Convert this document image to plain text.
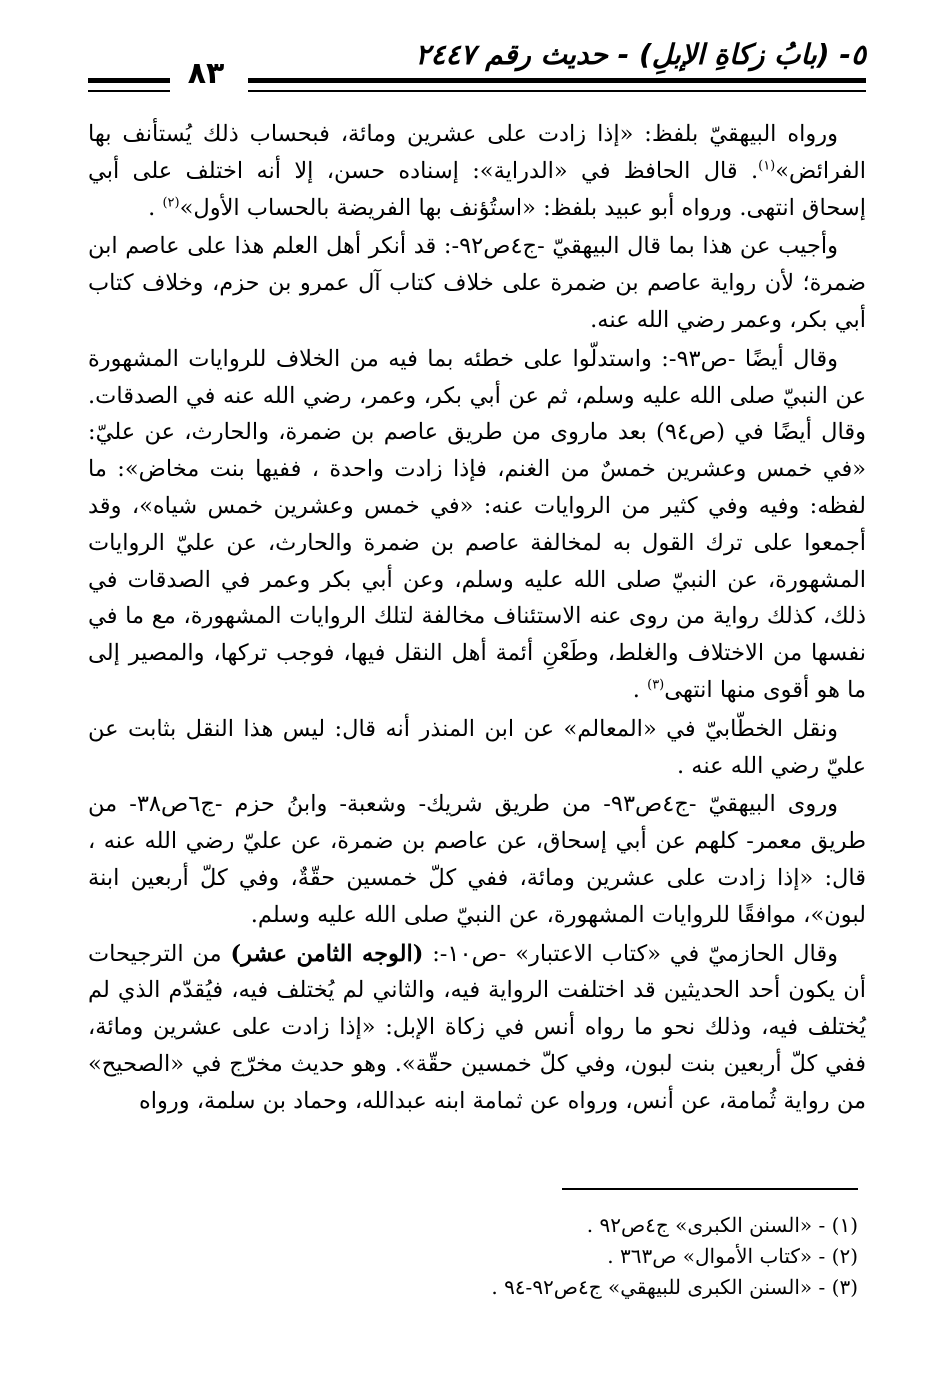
٥- (بابُ زكاةِ الإبلِ) - حديث رقم ٢٤٤٧
٨٣

ورواه البيهقيّ بلفظ: «إذا زادت على عشرين ومائة، فبحساب ذلك يُستأنف بها الفرائض»$^{(١)}$. قال الحافظ في «الدراية»: إسناده حسن، إلا أنه اختلف على أبي إسحاق انتهى. ورواه أبو عبيد بلفظ: «استُؤنف بها الفريضة بالحساب الأول»$^{(٢)}$ .

وأجيب عن هذا بما قال البيهقيّ -ج٤ص٩٢-: قد أنكر أهل العلم هذا على عاصم ابن ضمرة؛ لأن رواية عاصم بن ضمرة على خلاف كتاب آل عمرو بن حزم، وخلاف كتاب أبي بكر، وعمر رضي الله عنه.

وقال أيضًا -ص٩٣-: واستدلّوا على خطئه بما فيه من الخلاف للروايات المشهورة عن النبيّ صلى الله عليه وسلم، ثم عن أبي بكر، وعمر، رضي الله عنه في الصدقات. وقال أيضًا في (ص٩٤) بعد ماروى من طريق عاصم بن ضمرة، والحارث، عن عليّ: «في خمس وعشرين خمسٌ من الغنم، فإذا زادت واحدة ، ففيها بنت مخاض»: ما لفظه: وفيه وفي كثير من الروايات عنه: «في خمس وعشرين خمس شياه»، وقد أجمعوا على ترك القول به لمخالفة عاصم بن ضمرة والحارث، عن عليّ الروايات المشهورة، عن النبيّ صلى الله عليه وسلم، وعن أبي بكر وعمر في الصدقات في ذلك، كذلك رواية من روى عنه الاستئناف مخالفة لتلك الروايات المشهورة، مع ما في نفسها من الاختلاف والغلط، وطَعْنِ أئمة أهل النقل فيها، فوجب تركها، والمصير إلى ما هو أقوى منها انتهى$^{(٣)}$ .

ونقل الخطّابيّ في «المعالم» عن ابن المنذر أنه قال: ليس هذا النقل بثابت عن عليّ رضي الله عنه .

وروى البيهقيّ -ج٤ص٩٣- من طريق شريك- وشعبة- وابنُ حزم -ج٦ص٣٨- من طريق معمر- كلهم عن أبي إسحاق، عن عاصم بن ضمرة، عن عليّ رضي الله عنه ، قال: «إذا زادت على عشرين ومائة، ففي كلّ خمسين حقّةٌ، وفي كلّ أربعين ابنة لبون»، موافقًا للروايات المشهورة، عن النبيّ صلى الله عليه وسلم.

وقال الحازميّ في «كتاب الاعتبار» -ص١٠-: (الوجه الثامن عشر) من الترجيحات أن يكون أحد الحديثين قد اختلفت الرواية فيه، والثاني لم يُختلف فيه، فيُقدّم الذي لم يُختلف فيه، وذلك نحو ما رواه أنس في زكاة الإبل: «إذا زادت على عشرين ومائة، ففي كلّ أربعين بنت لبون، وفي كلّ خمسين حقّة». وهو حديث مخرّج في «الصحيح» من رواية ثُمامة، عن أنس، ورواه عن ثمامة ابنه عبدالله، وحماد بن سلمة، ورواه

(١) - «السنن الكبرى» ج٤ص٩٢ .
(٢) - «كتاب الأموال» ص٣٦٣ .
(٣) - «السنن الكبرى للبيهقي» ج٤ص٩٢-٩٤ .
